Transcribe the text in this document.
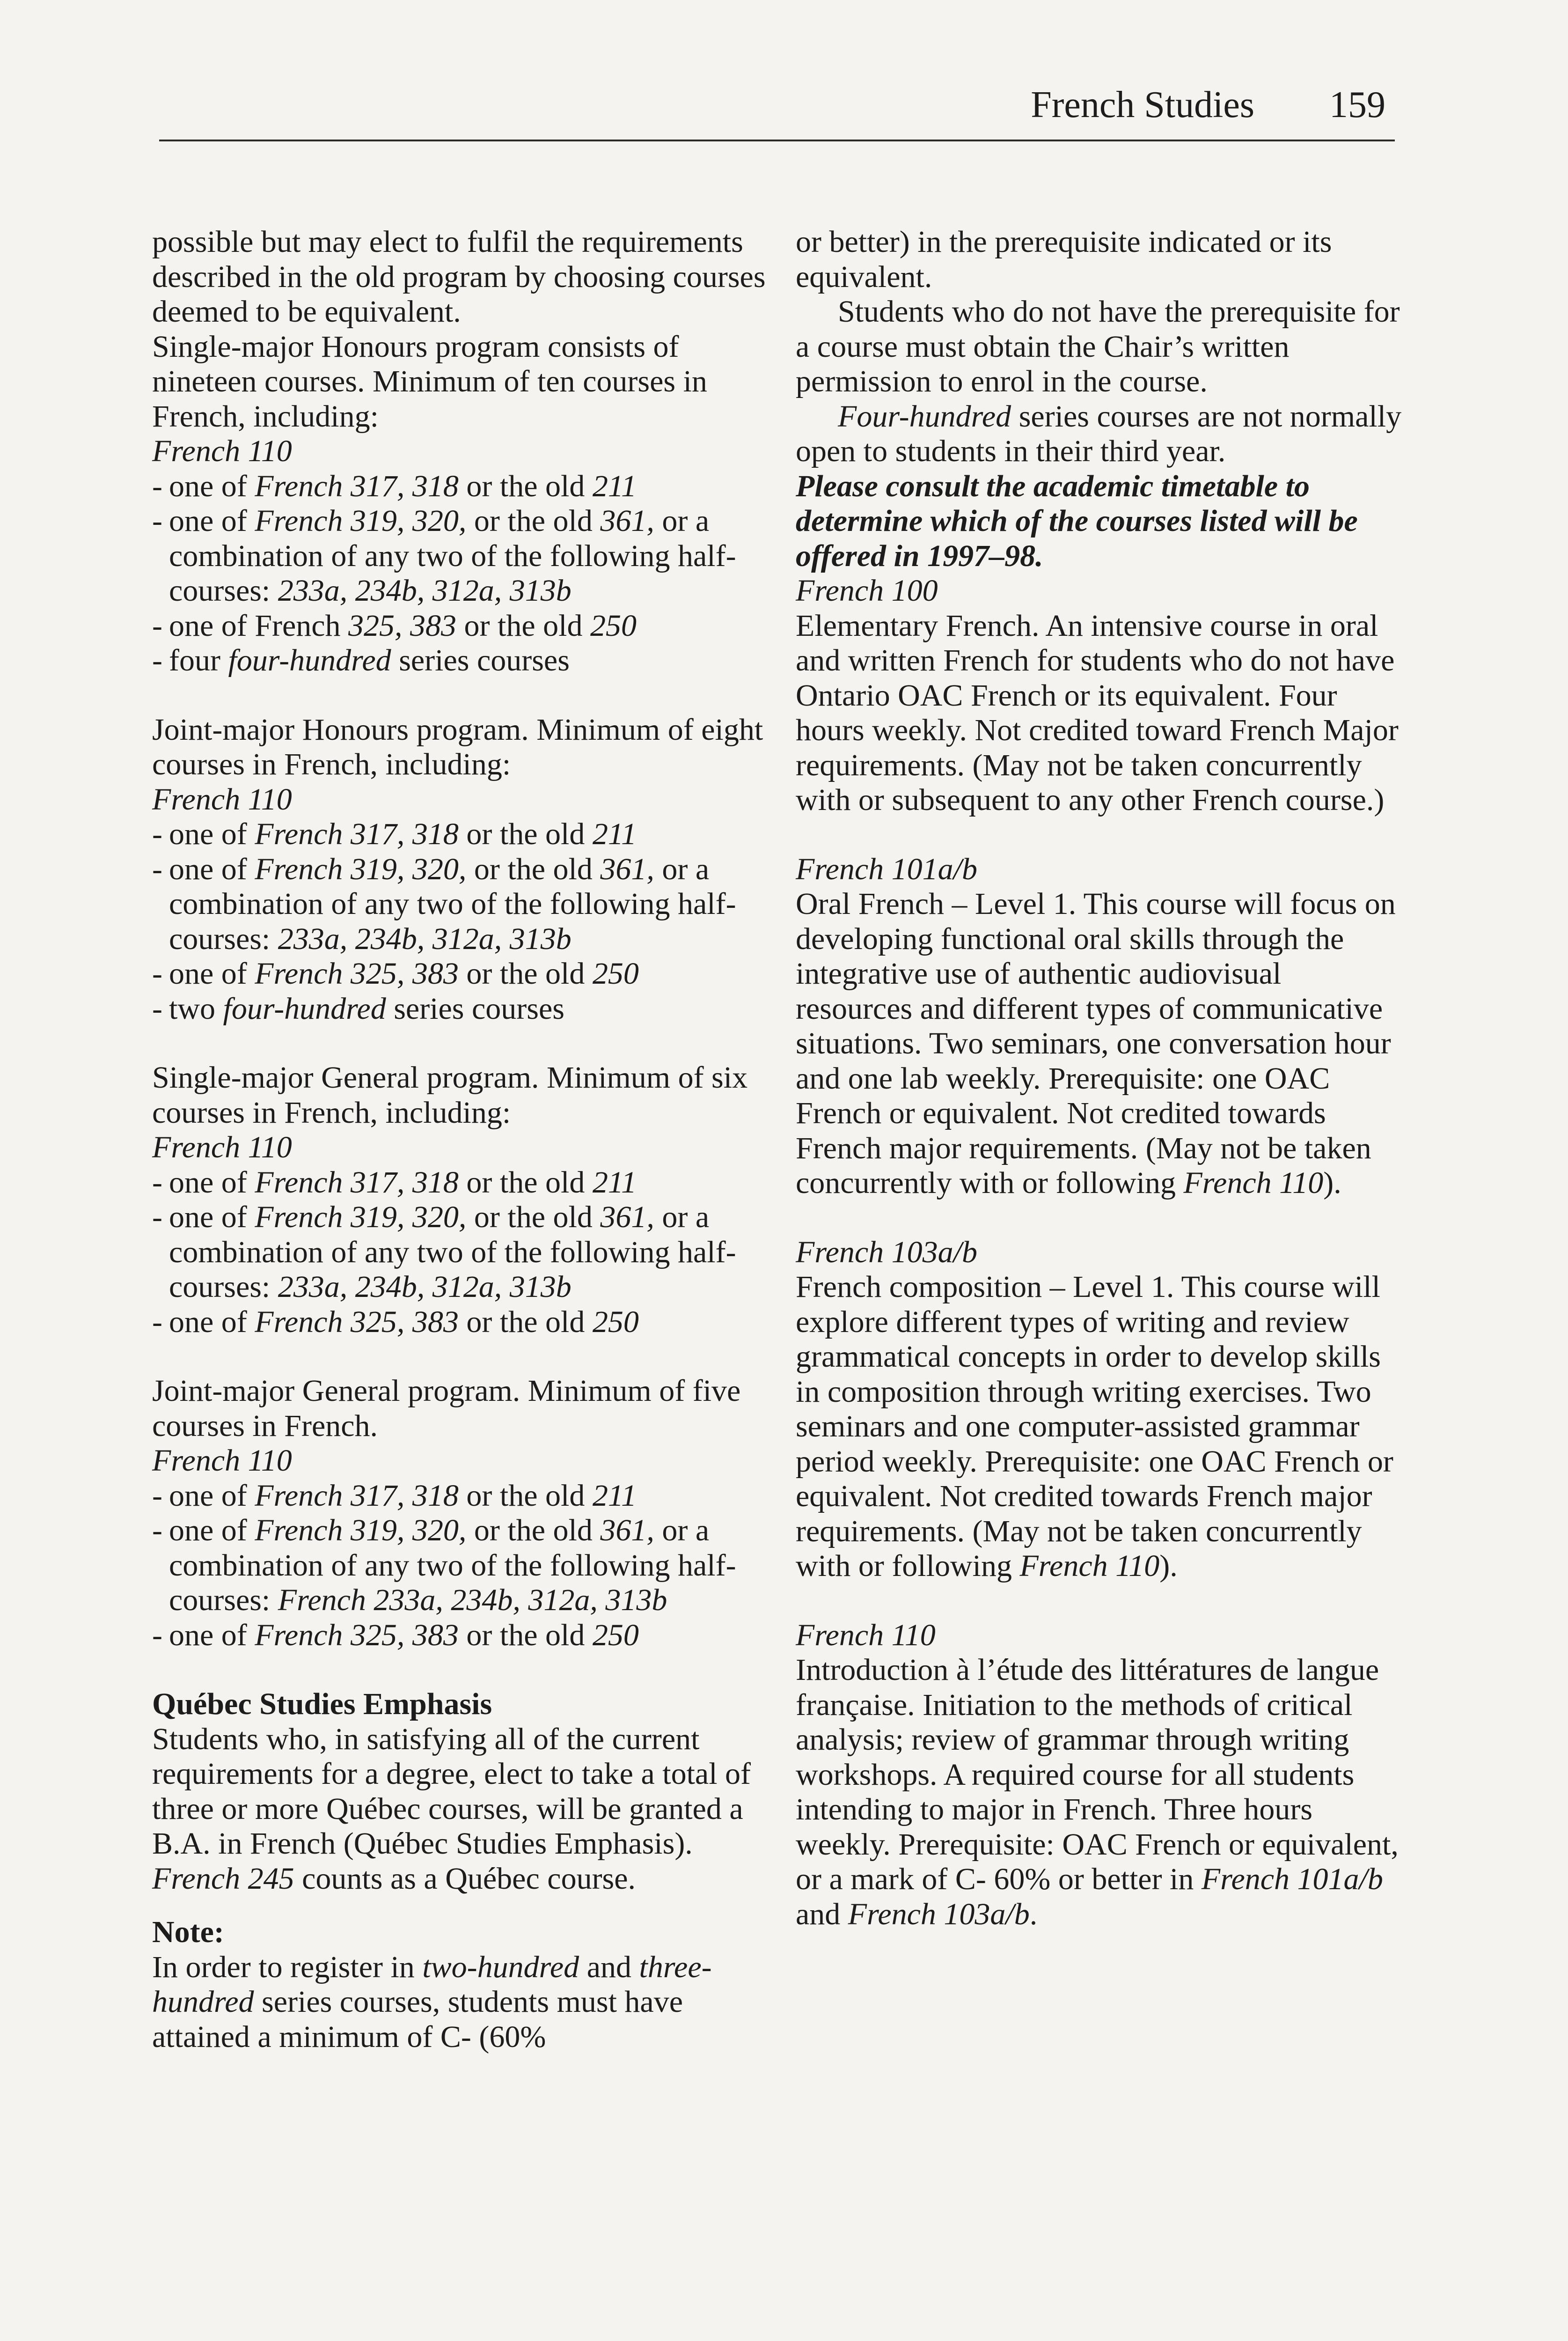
French Studies 159

possible but may elect to fulfil the requirements described in the old program by choosing courses deemed to be equivalent.

Single-major Honours program consists of nineteen courses. Minimum of ten courses in French, including:

French 110

- one of French 317, 318 or the old 211
- one of French 319, 320, or the old 361, or a combination of any two of the following half-courses: 233a, 234b, 312a, 313b
- one of French 325, 383 or the old 250
- four four-hundred series courses

Joint-major Honours program. Minimum of eight courses in French, including:

French 110

- one of French 317, 318 or the old 211
- one of French 319, 320, or the old 361, or a combination of any two of the following half-courses: 233a, 234b, 312a, 313b
- one of French 325, 383 or the old 250
- two four-hundred series courses

Single-major General program. Minimum of six courses in French, including:

French 110

- one of French 317, 318 or the old 211
- one of French 319, 320, or the old 361, or a combination of any two of the following half-courses: 233a, 234b, 312a, 313b
- one of French 325, 383 or the old 250

Joint-major General program. Minimum of five courses in French.

French 110

- one of French 317, 318 or the old 211
- one of French 319, 320, or the old 361, or a combination of any two of the following half-courses: French 233a, 234b, 312a, 313b
- one of French 325, 383 or the old 250

Québec Studies Emphasis

Students who, in satisfying all of the current requirements for a degree, elect to take a total of three or more Québec courses, will be granted a B.A. in French (Québec Studies Emphasis). French 245 counts as a Québec course.

Note:

In order to register in two-hundred and three-hundred series courses, students must have attained a minimum of C- (60%

or better) in the prerequisite indicated or its equivalent.

Students who do not have the prerequisite for a course must obtain the Chair’s written permission to enrol in the course.

Four-hundred series courses are not normally open to students in their third year.

Please consult the academic timetable to determine which of the courses listed will be offered in 1997–98.

French 100

Elementary French. An intensive course in oral and written French for students who do not have Ontario OAC French or its equivalent. Four hours weekly. Not credited toward French Major requirements. (May not be taken concurrently with or subsequent to any other French course.)

French 101a/b

Oral French – Level 1. This course will focus on developing functional oral skills through the integrative use of authentic audiovisual resources and different types of communicative situations. Two seminars, one conversation hour and one lab weekly. Prerequisite: one OAC French or equivalent. Not credited towards French major requirements. (May not be taken concurrently with or following French 110).

French 103a/b

French composition – Level 1. This course will explore different types of writing and review grammatical concepts in order to develop skills in composition through writing exercises. Two seminars and one computer-assisted grammar period weekly. Prerequisite: one OAC French or equivalent. Not credited towards French major requirements. (May not be taken concurrently with or following French 110).

French 110

Introduction à l’étude des littératures de langue française. Initiation to the methods of critical analysis; review of grammar through writing workshops. A required course for all students intending to major in French. Three hours weekly. Prerequisite: OAC French or equivalent, or a mark of C- 60% or better in French 101a/b and French 103a/b.
